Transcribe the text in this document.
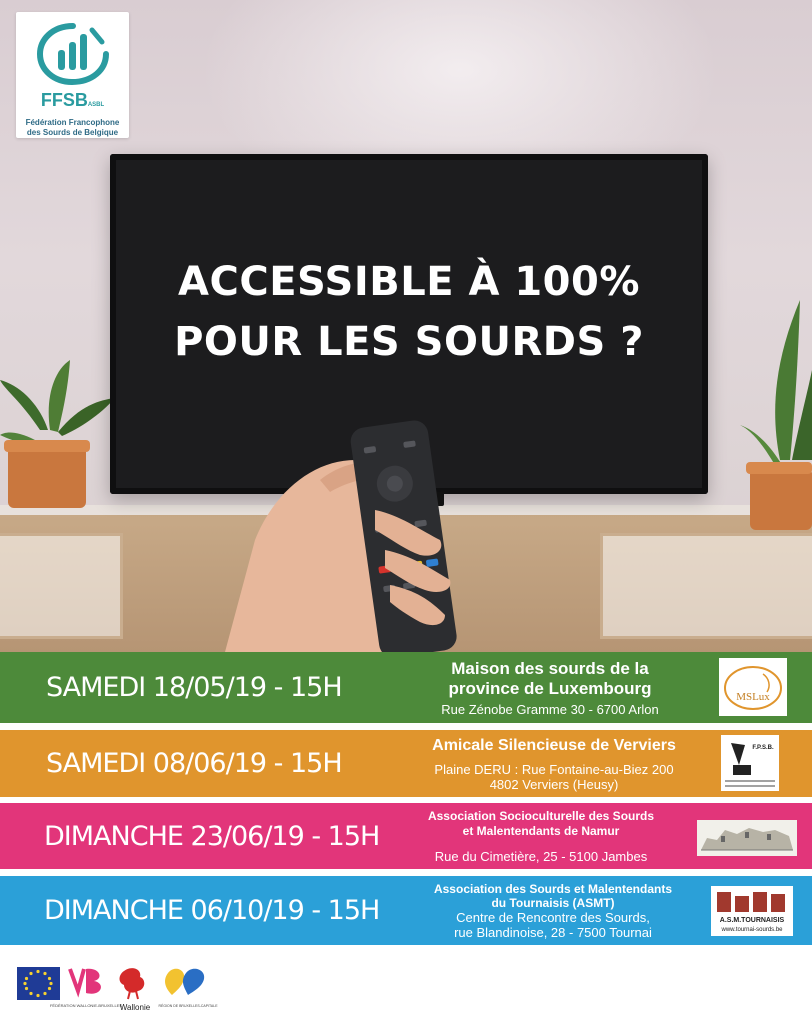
FFSBASBL
Fédération Francophone
des Sourds de Belgique
ACCESSIBLE À 100%
POUR LES SOURDS ?
SAMEDI 18/05/19 - 15H
Maison des sourds de la
province de Luxembourg
Rue Zénobe Gramme 30 - 6700 Arlon
MSLux
SAMEDI 08/06/19 - 15H
Amicale Silencieuse de Verviers
Plaine DERU : Rue Fontaine-au-Biez 200
4802 Verviers (Heusy)
F.P.S.B.
DIMANCHE 23/06/19 - 15H
Association Socioculturelle des Sourds
et Malentendants de Namur
Rue du Cimetière, 25 - 5100 Jambes
DIMANCHE 06/10/19 - 15H
Association des Sourds et Malentendants
du Tournaisis (ASMT)
Centre de Rencontre des Sourds,
rue Blandinoise, 28 - 7500 Tournai
A.S.M.TOURNAISIS
www.tournai-sourds.be
FÉDÉRATION WALLONIE-BRUXELLES
Wallonie RÉGION DE BRUXELLES-CAPITALE
